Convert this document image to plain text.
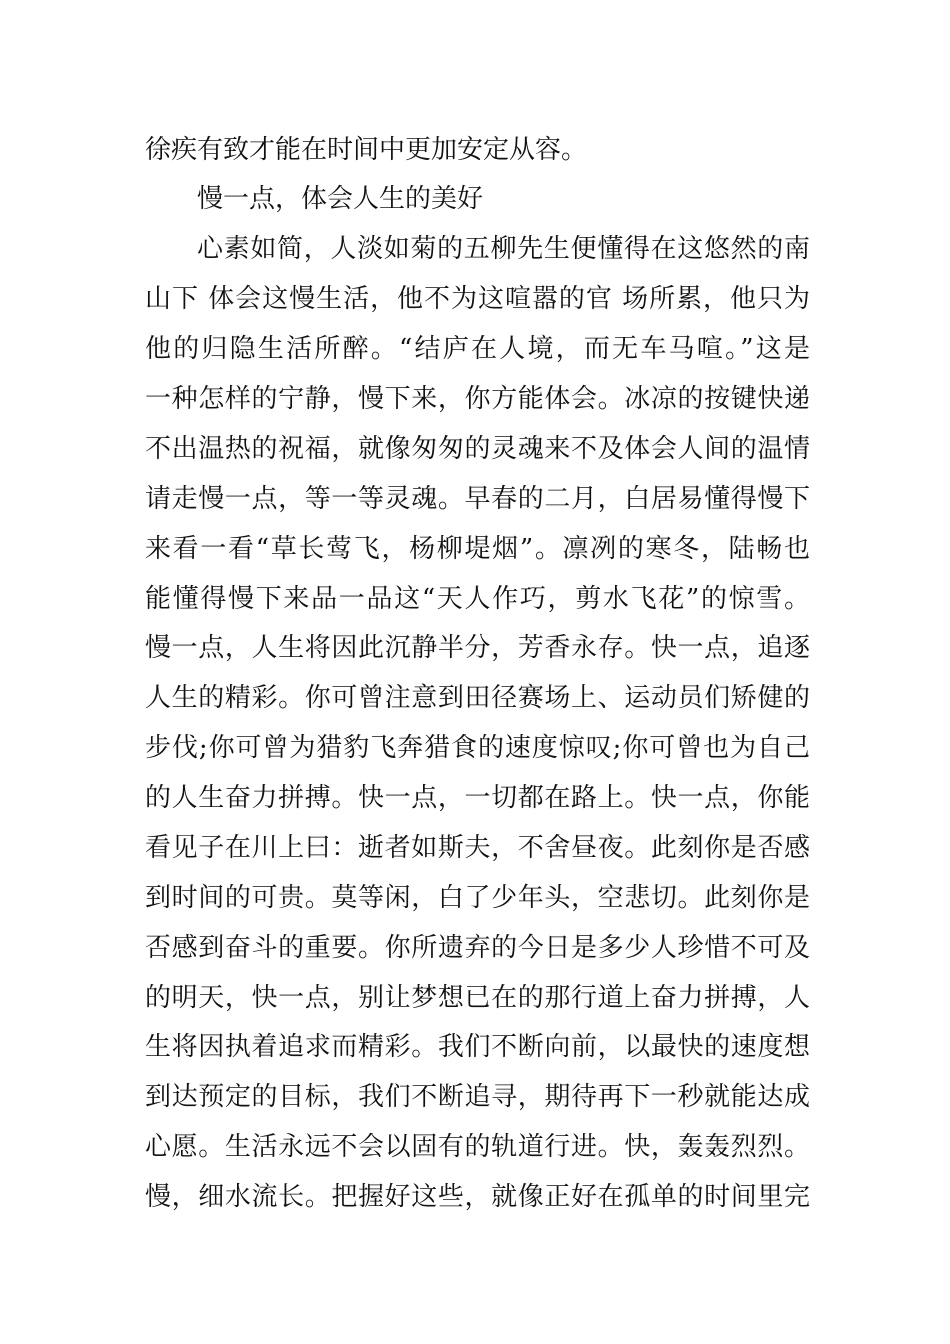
徐疾有致才能在时间中更加安定从容。
慢一点，体会人生的美好
心素如简，人淡如菊的五柳先生便懂得在这悠然的南
山下 体会这慢生活，他不为这喧嚣的官 场所累，他只为
他的归隐生活所醉。“结庐在人境，而无车马喧。”这是
一种怎样的宁静，慢下来，你方能体会。冰凉的按键快递
不出温热的祝福，就像匆匆的灵魂来不及体会人间的温情
请走慢一点，等一等灵魂。早春的二月，白居易懂得慢下
来看一看“草长莺飞，杨柳堤烟”。凛冽的寒冬，陆畅也
能懂得慢下来品一品这“天人作巧，剪水飞花”的惊雪。
慢一点，人生将因此沉静半分，芳香永存。快一点，追逐
人生的精彩。你可曾注意到田径赛场上、运动员们矫健的
步伐;你可曾为猎豹飞奔猎食的速度惊叹;你可曾也为自己
的人生奋力拼搏。快一点，一切都在路上。快一点，你能
看见子在川上曰：逝者如斯夫，不舍昼夜。此刻你是否感
到时间的可贵。莫等闲，白了少年头，空悲切。此刻你是
否感到奋斗的重要。你所遗弃的今日是多少人珍惜不可及
的明天，快一点，别让梦想已在的那行道上奋力拼搏，人
生将因执着追求而精彩。我们不断向前，以最快的速度想
到达预定的目标，我们不断追寻，期待再下一秒就能达成
心愿。生活永远不会以固有的轨道行进。快，轰轰烈烈。
慢，细水流长。把握好这些，就像正好在孤单的时间里完
